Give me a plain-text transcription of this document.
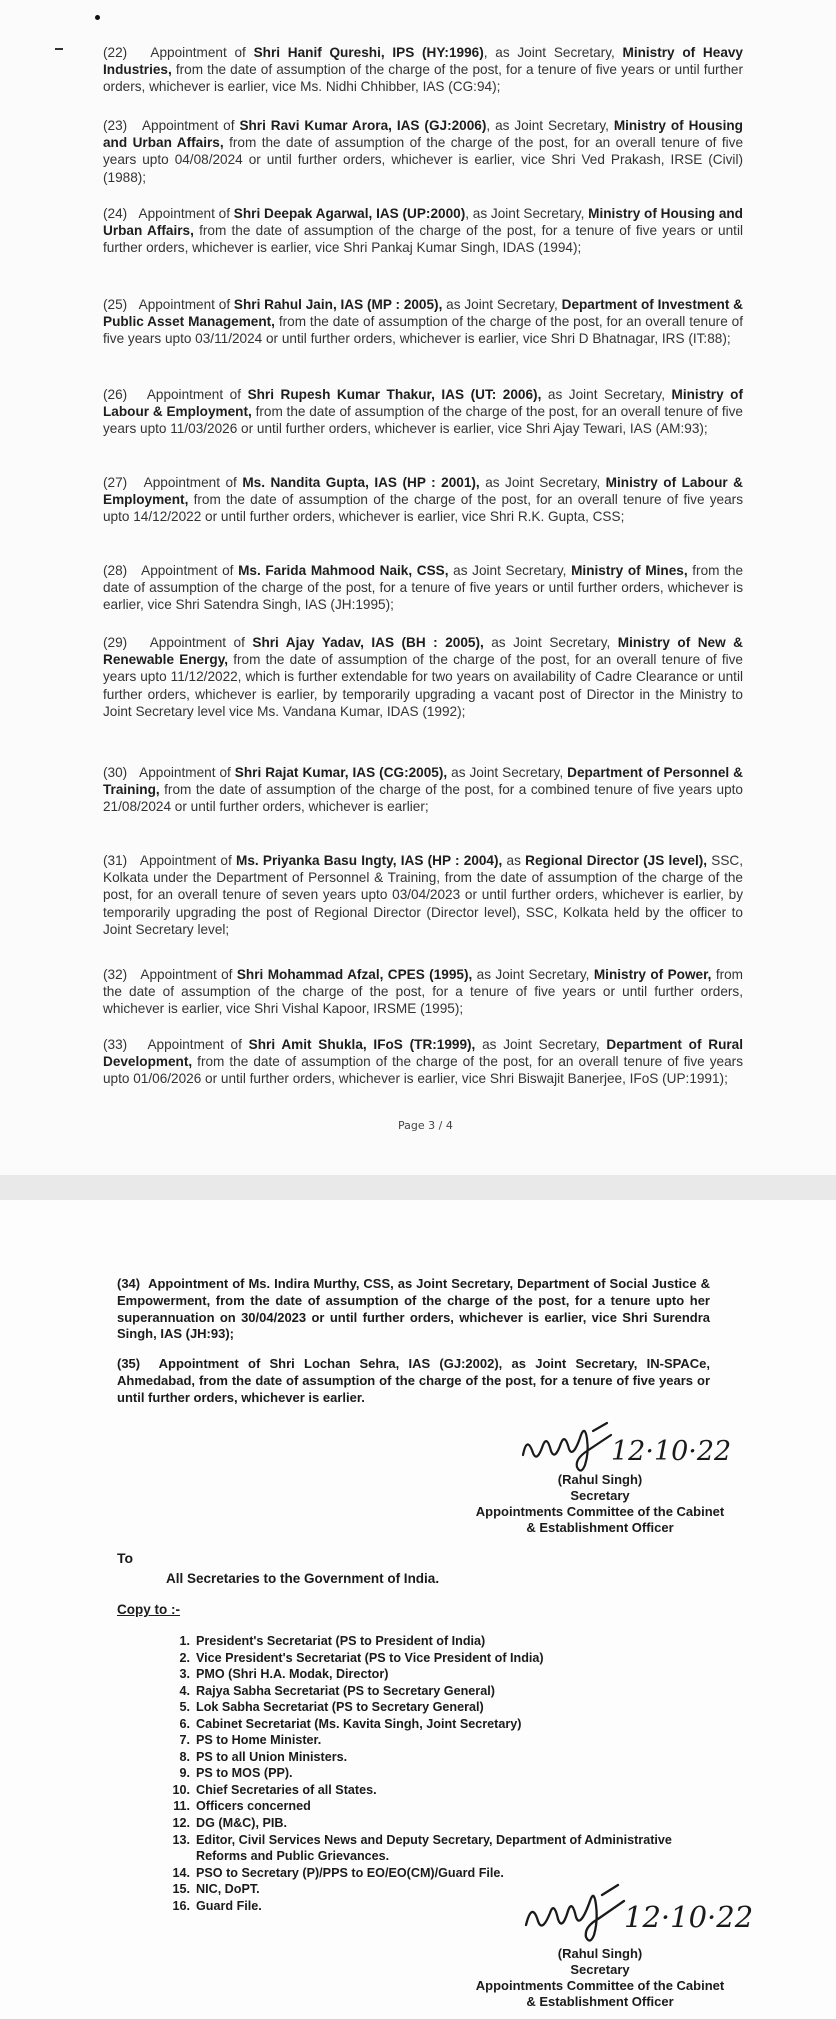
(22) Appointment of Shri Hanif Qureshi, IPS (HY:1996), as Joint Secretary, Ministry of Heavy Industries, from the date of assumption of the charge of the post, for a tenure of five years or until further orders, whichever is earlier, vice Ms. Nidhi Chhibber, IAS (CG:94);
(23) Appointment of Shri Ravi Kumar Arora, IAS (GJ:2006), as Joint Secretary, Ministry of Housing and Urban Affairs, from the date of assumption of the charge of the post, for an overall tenure of five years upto 04/08/2024 or until further orders, whichever is earlier, vice Shri Ved Prakash, IRSE (Civil) (1988);
(24) Appointment of Shri Deepak Agarwal, IAS (UP:2000), as Joint Secretary, Ministry of Housing and Urban Affairs, from the date of assumption of the charge of the post, for a tenure of five years or until further orders, whichever is earlier, vice Shri Pankaj Kumar Singh, IDAS (1994);
(25) Appointment of Shri Rahul Jain, IAS (MP : 2005), as Joint Secretary, Department of Investment & Public Asset Management, from the date of assumption of the charge of the post, for an overall tenure of five years upto 03/11/2024 or until further orders, whichever is earlier, vice Shri D Bhatnagar, IRS (IT:88);
(26) Appointment of Shri Rupesh Kumar Thakur, IAS (UT: 2006), as Joint Secretary, Ministry of Labour & Employment, from the date of assumption of the charge of the post, for an overall tenure of five years upto 11/03/2026 or until further orders, whichever is earlier, vice Shri Ajay Tewari, IAS (AM:93);
(27) Appointment of Ms. Nandita Gupta, IAS (HP : 2001), as Joint Secretary, Ministry of Labour & Employment, from the date of assumption of the charge of the post, for an overall tenure of five years upto 14/12/2022 or until further orders, whichever is earlier, vice Shri R.K. Gupta, CSS;
(28) Appointment of Ms. Farida Mahmood Naik, CSS, as Joint Secretary, Ministry of Mines, from the date of assumption of the charge of the post, for a tenure of five years or until further orders, whichever is earlier, vice Shri Satendra Singh, IAS (JH:1995);
(29) Appointment of Shri Ajay Yadav, IAS (BH : 2005), as Joint Secretary, Ministry of New & Renewable Energy, from the date of assumption of the charge of the post, for an overall tenure of five years upto 11/12/2022, which is further extendable for two years on availability of Cadre Clearance or until further orders, whichever is earlier, by temporarily upgrading a vacant post of Director in the Ministry to Joint Secretary level vice Ms. Vandana Kumar, IDAS (1992);
(30) Appointment of Shri Rajat Kumar, IAS (CG:2005), as Joint Secretary, Department of Personnel & Training, from the date of assumption of the charge of the post, for a combined tenure of five years upto 21/08/2024 or until further orders, whichever is earlier;
(31) Appointment of Ms. Priyanka Basu Ingty, IAS (HP : 2004), as Regional Director (JS level), SSC, Kolkata under the Department of Personnel & Training, from the date of assumption of the charge of the post, for an overall tenure of seven years upto 03/04/2023 or until further orders, whichever is earlier, by temporarily upgrading the post of Regional Director (Director level), SSC, Kolkata held by the officer to Joint Secretary level;
(32) Appointment of Shri Mohammad Afzal, CPES (1995), as Joint Secretary, Ministry of Power, from the date of assumption of the charge of the post, for a tenure of five years or until further orders, whichever is earlier, vice Shri Vishal Kapoor, IRSME (1995);
(33) Appointment of Shri Amit Shukla, IFoS (TR:1999), as Joint Secretary, Department of Rural Development, from the date of assumption of the charge of the post, for an overall tenure of five years upto 01/06/2026 or until further orders, whichever is earlier, vice Shri Biswajit Banerjee, IFoS (UP:1991);
Page 3 / 4
(34) Appointment of Ms. Indira Murthy, CSS, as Joint Secretary, Department of Social Justice & Empowerment, from the date of assumption of the charge of the post, for a tenure upto her superannuation on 30/04/2023 or until further orders, whichever is earlier, vice Shri Surendra Singh, IAS (JH:93);
(35) Appointment of Shri Lochan Sehra, IAS (GJ:2002), as Joint Secretary, IN-SPACe, Ahmedabad, from the date of assumption of the charge of the post, for a tenure of five years or until further orders, whichever is earlier.
12·10·22
(Rahul Singh)
Secretary
Appointments Committee of the Cabinet
& Establishment Officer
To
All Secretaries to the Government of India.
Copy to :-
1. President's Secretariat (PS to President of India)
2. Vice President's Secretariat (PS to Vice President of India)
3. PMO (Shri H.A. Modak, Director)
4. Rajya Sabha Secretariat (PS to Secretary General)
5. Lok Sabha Secretariat (PS to Secretary General)
6. Cabinet Secretariat (Ms. Kavita Singh, Joint Secretary)
7. PS to Home Minister.
8. PS to all Union Ministers.
9. PS to MOS (PP).
10. Chief Secretaries of all States.
11. Officers concerned
12. DG (M&C), PIB.
13. Editor, Civil Services News and Deputy Secretary, Department of Administrative Reforms and Public Grievances.
14. PSO to Secretary (P)/PPS to EO/EO(CM)/Guard File.
15. NIC, DoPT.
16. Guard File.	12·10·22
(Rahul Singh)
Secretary
Appointments Committee of the Cabinet
& Establishment Officer
